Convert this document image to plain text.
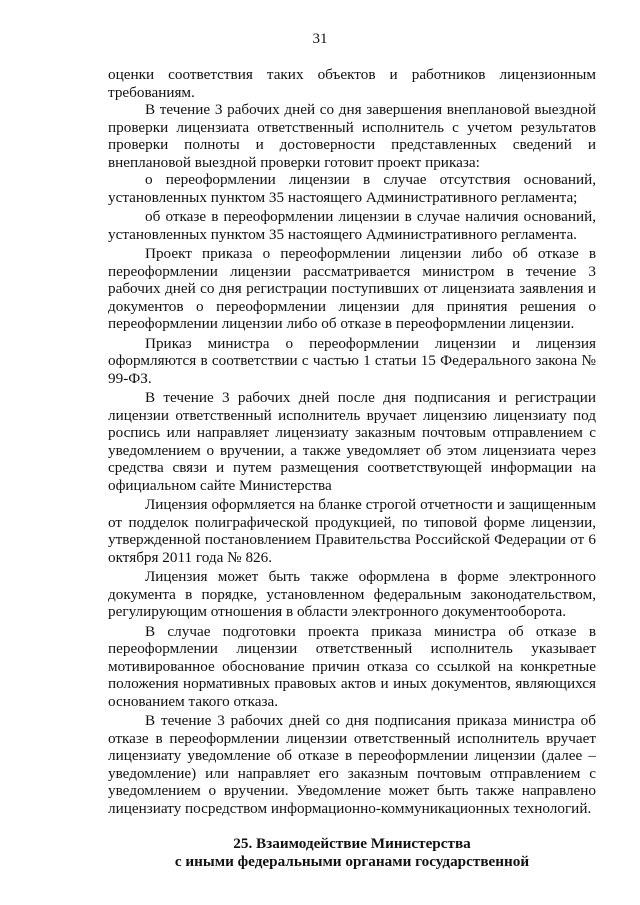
31

оценки соответствия таких объектов и работников лицензионным требованиям.

В течение 3 рабочих дней со дня завершения внеплановой выездной проверки лицензиата ответственный исполнитель с учетом результатов проверки полноты и достоверности представленных сведений и внеплановой выездной проверки готовит проект приказа:

о переоформлении лицензии в случае отсутствия оснований, установленных пунктом 35 настоящего Административного регламента;

об отказе в переоформлении лицензии в случае наличия оснований, установленных пунктом 35 настоящего Административного регламента.

Проект приказа о переоформлении лицензии либо об отказе в переоформлении лицензии рассматривается министром в течение 3 рабочих дней со дня регистрации поступивших от лицензиата заявления и документов о переоформлении лицензии для принятия решения о переоформлении лицензии либо об отказе в переоформлении лицензии.

Приказ министра о переоформлении лицензии и лицензия оформляются в соответствии с частью 1 статьи 15 Федерального закона № 99-ФЗ.

В течение 3 рабочих дней после дня подписания и регистрации лицензии ответственный исполнитель вручает лицензию лицензиату под роспись или направляет лицензиату заказным почтовым отправлением с уведомлением о вручении, а также уведомляет об этом лицензиата через средства связи и путем размещения соответствующей информации на официальном сайте Министерства

Лицензия оформляется на бланке строгой отчетности и защищенным от подделок полиграфической продукцией, по типовой форме лицензии, утвержденной постановлением Правительства Российской Федерации от 6 октября 2011 года № 826.

Лицензия может быть также оформлена в форме электронного документа в порядке, установленном федеральным законодательством, регулирующим отношения в области электронного документооборота.

В случае подготовки проекта приказа министра об отказе в переоформлении лицензии ответственный исполнитель указывает мотивированное обоснование причин отказа со ссылкой на конкретные положения нормативных правовых актов и иных документов, являющихся основанием такого отказа.

В течение 3 рабочих дней со дня подписания приказа министра об отказе в переоформлении лицензии ответственный исполнитель вручает лицензиату уведомление об отказе в переоформлении лицензии (далее – уведомление) или направляет его заказным почтовым отправлением с уведомлением о вручении. Уведомление может быть также направлено лицензиату посредством информационно-коммуникационных технологий.

25. Взаимодействие Министерства
с иными федеральными органами государственной
